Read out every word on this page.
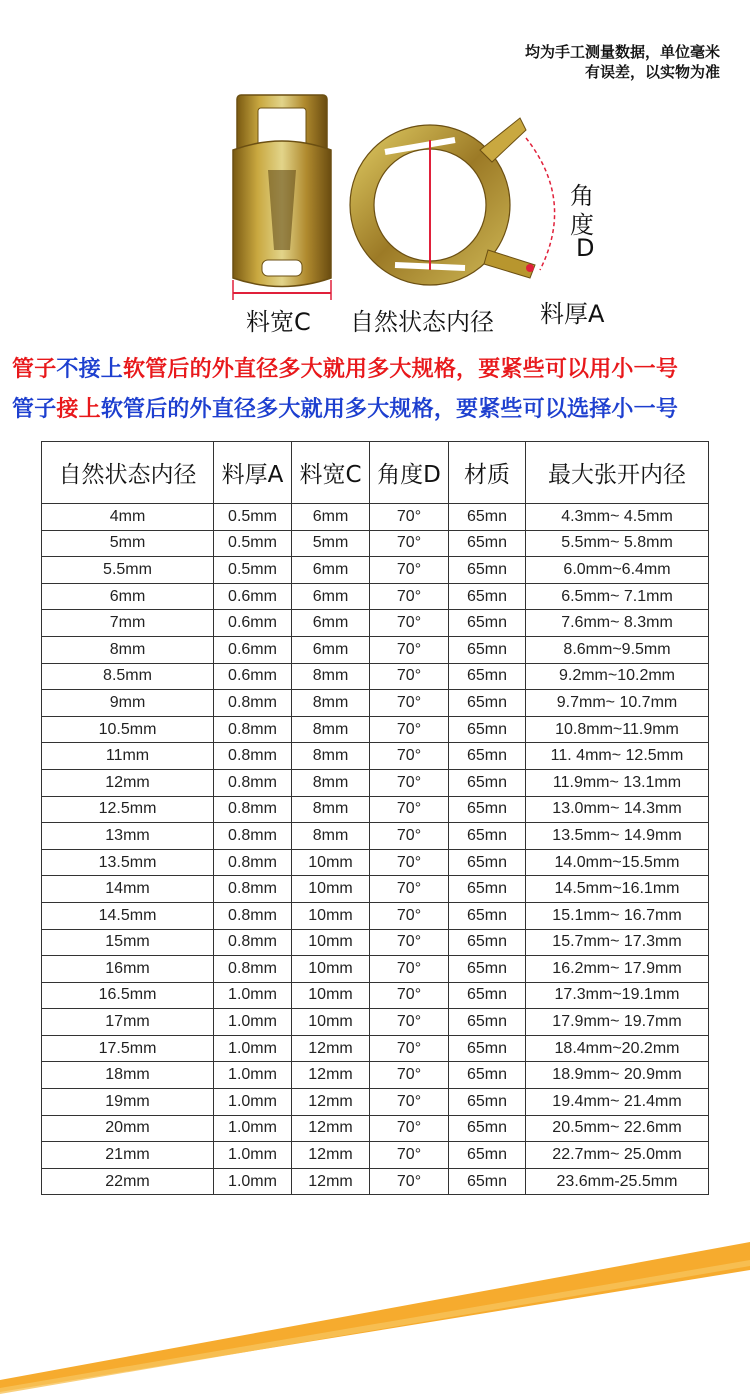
均为手工测量数据，单位毫米
有误差，以实物为准
料宽C 自然状态内径
角
度
D
料厚A
管子不接上软管后的外直径多大就用多大规格，要紧些可以用小一号
管子接上软管后的外直径多大就用多大规格，要紧些可以选择小一号
自然状态内径	料厚A	料宽C	角度D	材质	最大张开内径
4mm	0.5mm	6mm	70°	65mn	4.3mm~ 4.5mm
5mm	0.5mm	5mm	70°	65mn	5.5mm~ 5.8mm
5.5mm	0.5mm	6mm	70°	65mn	6.0mm~6.4mm
6mm	0.6mm	6mm	70°	65mn	6.5mm~ 7.1mm
7mm	0.6mm	6mm	70°	65mn	7.6mm~ 8.3mm
8mm	0.6mm	6mm	70°	65mn	8.6mm~9.5mm
8.5mm	0.6mm	8mm	70°	65mn	9.2mm~10.2mm
9mm	0.8mm	8mm	70°	65mn	9.7mm~ 10.7mm
10.5mm	0.8mm	8mm	70°	65mn	10.8mm~11.9mm
11mm	0.8mm	8mm	70°	65mn	11. 4mm~ 12.5mm
12mm	0.8mm	8mm	70°	65mn	11.9mm~ 13.1mm
12.5mm	0.8mm	8mm	70°	65mn	13.0mm~ 14.3mm
13mm	0.8mm	8mm	70°	65mn	13.5mm~ 14.9mm
13.5mm	0.8mm	10mm	70°	65mn	14.0mm~15.5mm
14mm	0.8mm	10mm	70°	65mn	14.5mm~16.1mm
14.5mm	0.8mm	10mm	70°	65mn	15.1mm~ 16.7mm
15mm	0.8mm	10mm	70°	65mn	15.7mm~ 17.3mm
16mm	0.8mm	10mm	70°	65mn	16.2mm~ 17.9mm
16.5mm	1.0mm	10mm	70°	65mn	17.3mm~19.1mm
17mm	1.0mm	10mm	70°	65mn	17.9mm~ 19.7mm
17.5mm	1.0mm	12mm	70°	65mn	18.4mm~20.2mm
18mm	1.0mm	12mm	70°	65mn	18.9mm~ 20.9mm
19mm	1.0mm	12mm	70°	65mn	19.4mm~ 21.4mm
20mm	1.0mm	12mm	70°	65mn	20.5mm~ 22.6mm
21mm	1.0mm	12mm	70°	65mn	22.7mm~ 25.0mm
22mm	1.0mm	12mm	70°	65mn	23.6mm-25.5mm
